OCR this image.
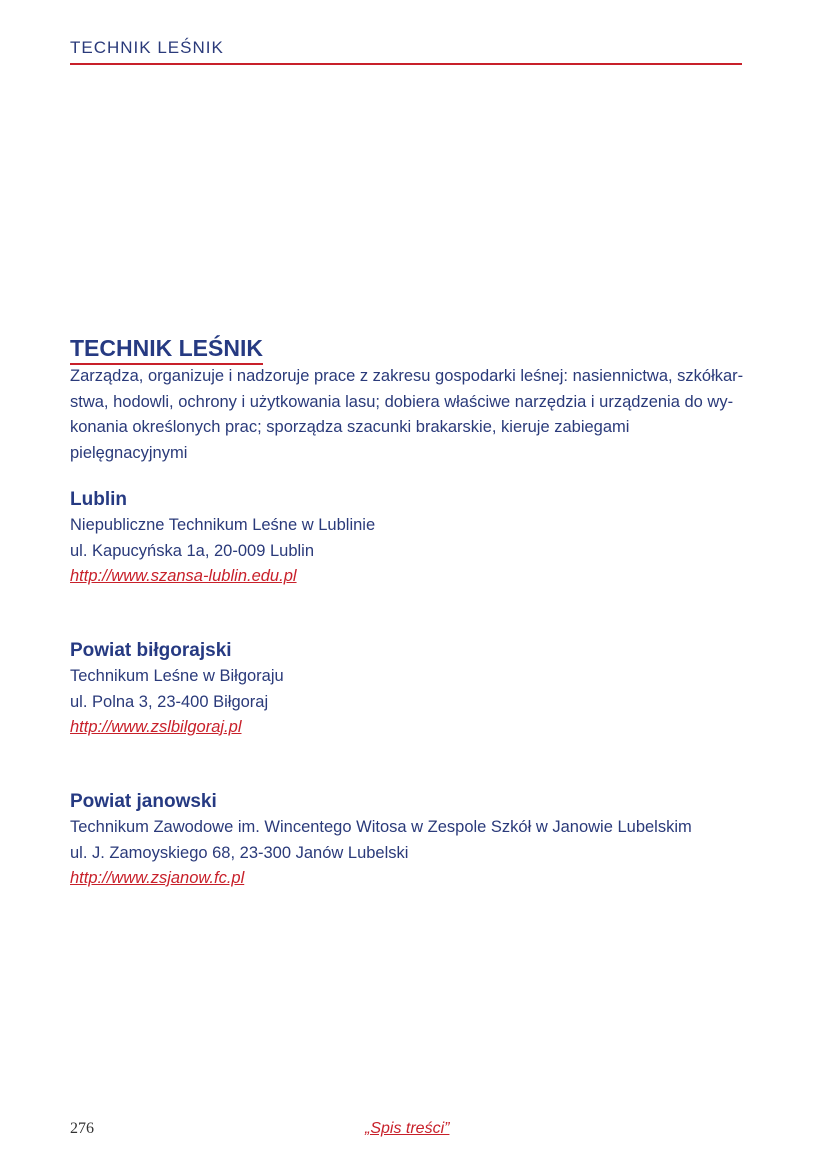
TECHNIK LEŚNIK
TECHNIK LEŚNIK
Zarządza, organizuje i nadzoruje prace z zakresu gospodarki leśnej: nasiennictwa, szkółkar-
stwa, hodowli, ochrony i użytkowania lasu; dobiera właściwe narzędzia i urządzenia do wy-
konania określonych prac; sporządza szacunki brakarskie, kieruje zabiegami pielęgnacyjnymi
Lublin

Niepubliczne Technikum Leśne w Lublinie

ul. Kapucyńska 1a, 20-009 Lublin

http://www.szansa-lublin.edu.pl
Powiat biłgorajski

Technikum Leśne w Biłgoraju

ul. Polna 3, 23-400 Biłgoraj

http://www.zslbilgoraj.pl
Powiat janowski

Technikum Zawodowe im. Wincentego Witosa w Zespole Szkół w Janowie Lubelskim

ul. J. Zamoyskiego 68, 23-300 Janów Lubelski

http://www.zsjanow.fc.pl
276	„Spis treści”
